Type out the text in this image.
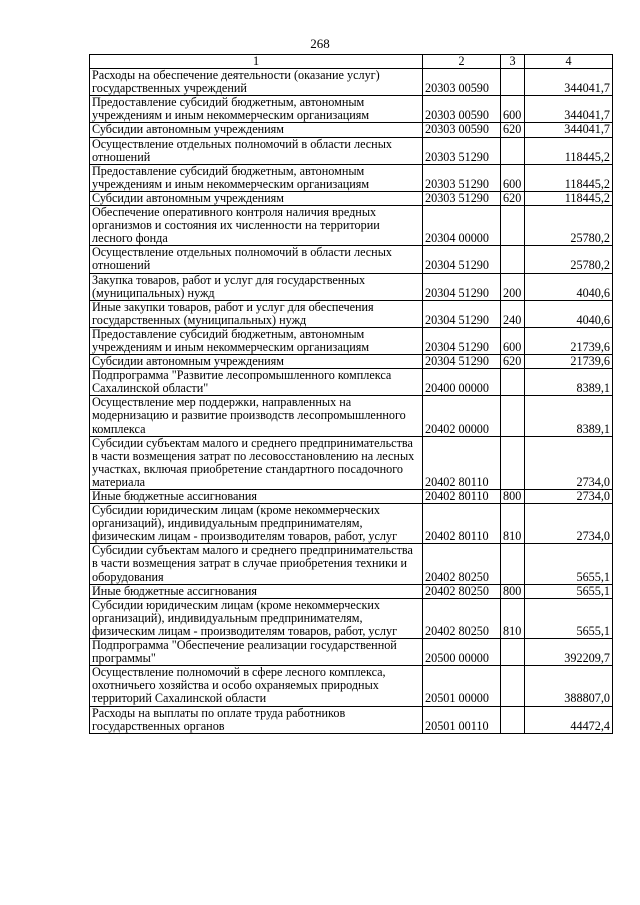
268
1	2	3	4
Расходы на обеспечение деятельности (оказание услуг) государственных учреждений	20303 00590		344041,7
Предоставление субсидий бюджетным, автономным учреждениям и иным некоммерческим организациям	20303 00590	600	344041,7
Субсидии автономным учреждениям	20303 00590	620	344041,7
Осуществление отдельных полномочий в области лесных отношений	20303 51290		118445,2
Предоставление субсидий бюджетным, автономным учреждениям и иным некоммерческим организациям	20303 51290	600	118445,2
Субсидии автономным учреждениям	20303 51290	620	118445,2
Обеспечение оперативного контроля наличия вредных организмов и состояния их численности на территории лесного фонда	20304 00000		25780,2
Осуществление отдельных полномочий в области лесных отношений	20304 51290		25780,2
Закупка товаров, работ и услуг для государственных (муниципальных) нужд	20304 51290	200	4040,6
Иные закупки товаров, работ и услуг для обеспечения государственных (муниципальных) нужд	20304 51290	240	4040,6
Предоставление субсидий бюджетным, автономным учреждениям и иным некоммерческим организациям	20304 51290	600	21739,6
Субсидии автономным учреждениям	20304 51290	620	21739,6
Подпрограмма "Развитие лесопромышленного комплекса Сахалинской области"	20400 00000		8389,1
Осуществление мер поддержки, направленных на модернизацию и развитие производств лесопромышленного комплекса	20402 00000		8389,1
Субсидии субъектам малого и среднего предпринимательства в части возмещения затрат по лесовосстановлению на лесных участках, включая приобретение стандартного посадочного материала	20402 80110		2734,0
Иные бюджетные ассигнования	20402 80110	800	2734,0
Субсидии юридическим лицам (кроме некоммерческих организаций), индивидуальным предпринимателям, физическим лицам - производителям товаров, работ, услуг	20402 80110	810	2734,0
Субсидии субъектам малого и среднего предпринимательства в части возмещения затрат в случае приобретения техники и оборудования	20402 80250		5655,1
Иные бюджетные ассигнования	20402 80250	800	5655,1
Субсидии юридическим лицам (кроме некоммерческих организаций), индивидуальным предпринимателям, физическим лицам - производителям товаров, работ, услуг	20402 80250	810	5655,1
Подпрограмма "Обеспечение реализации государственной программы"	20500 00000		392209,7
Осуществление полномочий в сфере лесного комплекса, охотничьего хозяйства и особо охраняемых природных территорий Сахалинской области	20501 00000		388807,0
Расходы на выплаты по оплате труда работников государственных органов	20501 00110		44472,4
